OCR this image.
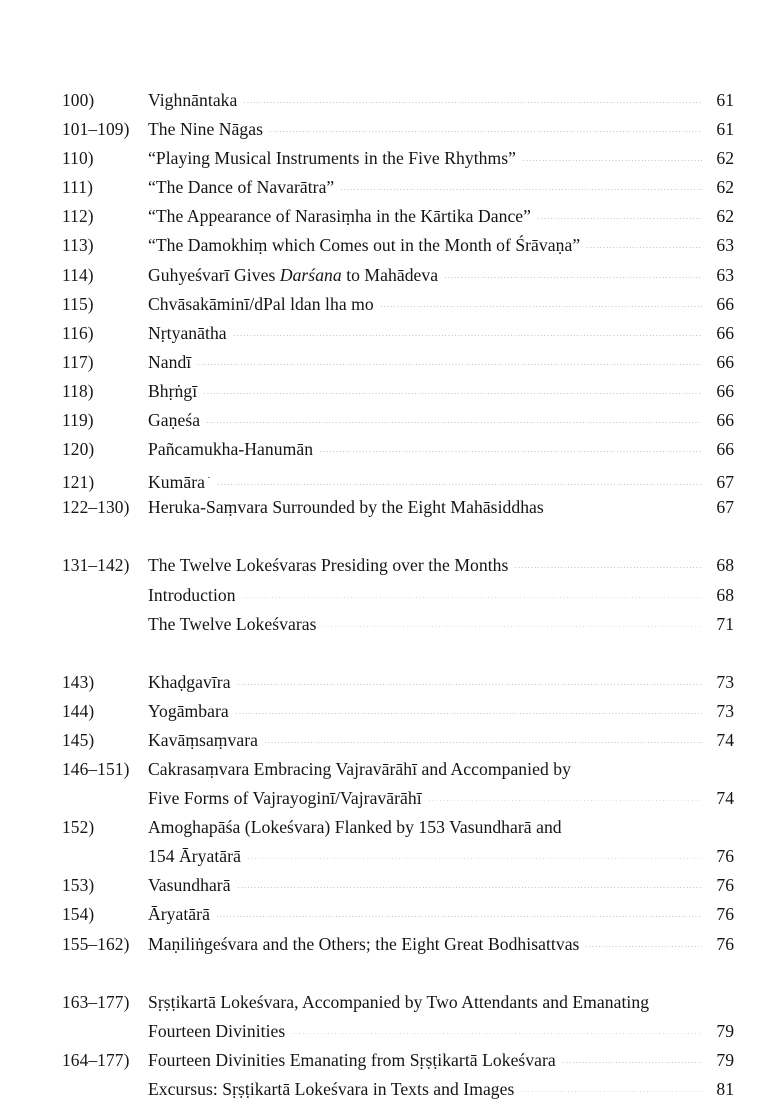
100)	Vighnāntaka	61
101–109)	The Nine Nāgas	61
110)	“Playing Musical Instruments in the Five Rhythms”	62
111)	“The Dance of Navarātra”	62
112)	“The Appearance of Narasiṃha in the Kārtika Dance”	62
113)	“The Damokhiṃ which Comes out in the Month of Śrāvaṇa”	63
114)	Guhyeśvarī Gives Darśana to Mahādeva	63
115)	Chvāsakāminī/dPal ldan lha mo	66
116)	Nṛtyanātha	66
117)	Nandī	66
118)	Bhṛṅgī	66
119)	Gaṇeśa	66
120)	Pañcamukha-Hanumān	66
121)	Kumāra ·	67
122–130)	Heruka-Saṃvara Surrounded by the Eight Mahāsiddhas	67
131–142)	The Twelve Lokeśvaras Presiding over the Months	68
Introduction	68
The Twelve Lokeśvaras	71
143)	Khaḍgavīra	73
144)	Yogāmbara	73
145)	Kavāṃsaṃvara	74
146–151)	Cakrasaṃvara Embracing Vajravārāhī and Accompanied by
Five Forms of Vajrayoginī/Vajravārāhī	74
152)	Amoghapāśa (Lokeśvara) Flanked by 153 Vasundharā and
154 Āryatārā	76
153)	Vasundharā	76
154)	Āryatārā	76
155–162)	Maṇiliṅgeśvara and the Others; the Eight Great Bodhisattvas	76
163–177)	Sṛṣṭikartā Lokeśvara, Accompanied by Two Attendants and Emanating
Fourteen Divinities	79
164–177)	Fourteen Divinities Emanating from Sṛṣṭikartā Lokeśvara	79
Excursus: Sṛṣṭikartā Lokeśvara in Texts and Images	81
